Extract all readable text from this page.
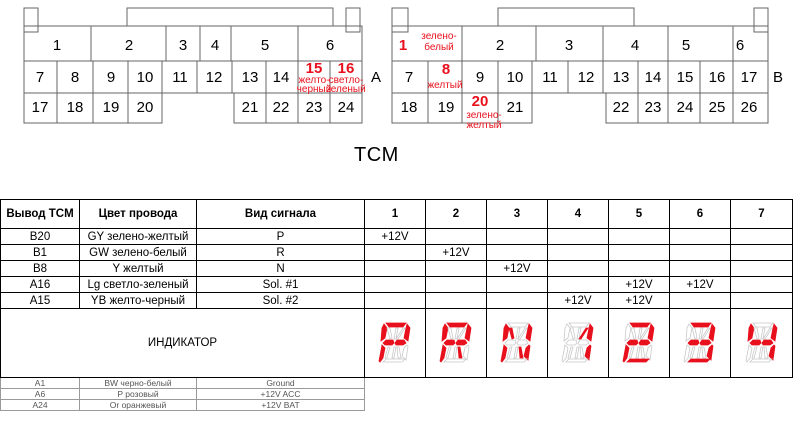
1	2	3 4	5	6
7 8 9 10 11 12 13 14
15 16
17 18 19 20	21 22 23 24
желто-
черный
светло-
зеленый
A
1	2	3	4	5	6
7 8 9 10 11 12 13 14 15 16 17
18 19 20 21	22 23 24 25 26
зелено-
белый
желтый
зелено-
желтый
B
TCM
Вывод TCM	Цвет провода	Вид сигнала	1	2	3	4	5	6	7
B20	GY зелено-желтый	P	+12V						
B1	GW зелено-белый	R		+12V					
B8	Y желтый	N			+12V				
A16	Lg светло-зеленый	Sol. #1					+12V	+12V	
A15	YB желто-черный	Sol. #2				+12V	+12V		
ИНДИКАТОР	

A1	BW черно-белый	Ground							
A6	P розовый	+12V ACC							
A24	Or оранжевый	+12V BAT							
